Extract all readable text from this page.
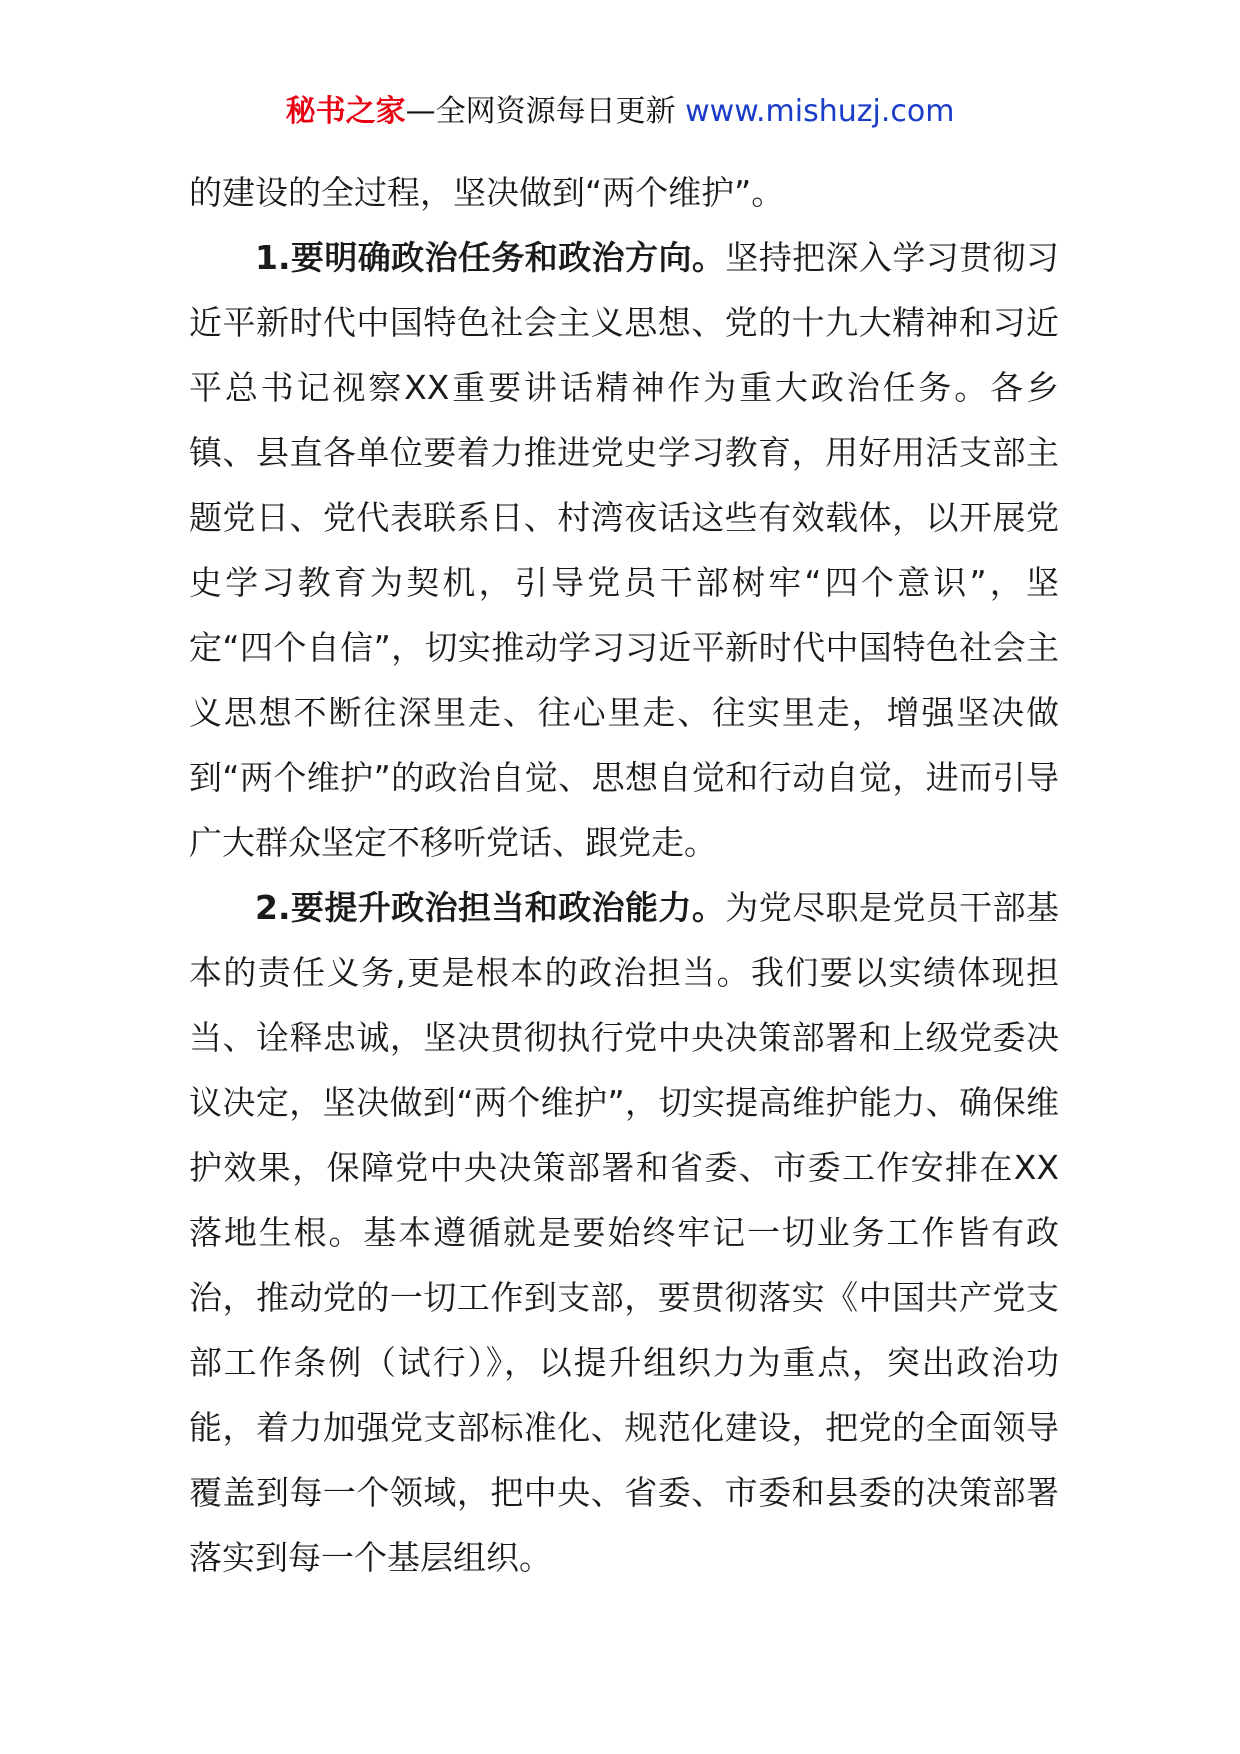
秘书之家—全网资源每日更新 www.mishuzj.com

的建设的全过程，坚决做到“两个维护”。

1.要明确政治任务和政治方向。坚持把深入学习贯彻习近平新时代中国特色社会主义思想、党的十九大精神和习近平总书记视察XX重要讲话精神作为重大政治任务。各乡镇、县直各单位要着力推进党史学习教育，用好用活支部主题党日、党代表联系日、村湾夜话这些有效载体，以开展党史学习教育为契机，引导党员干部树牢“四个意识”，坚定“四个自信”，切实推动学习习近平新时代中国特色社会主义思想不断往深里走、往心里走、往实里走，增强坚决做到“两个维护”的政治自觉、思想自觉和行动自觉，进而引导广大群众坚定不移听党话、跟党走。

2.要提升政治担当和政治能力。为党尽职是党员干部基本的责任义务,更是根本的政治担当。我们要以实绩体现担当、诠释忠诚，坚决贯彻执行党中央决策部署和上级党委决议决定，坚决做到“两个维护”，切实提高维护能力、确保维护效果，保障党中央决策部署和省委、市委工作安排在XX落地生根。基本遵循就是要始终牢记一切业务工作皆有政治，推动党的一切工作到支部，要贯彻落实《中国共产党支部工作条例（试行）》，以提升组织力为重点，突出政治功能，着力加强党支部标准化、规范化建设，把党的全面领导覆盖到每一个领域，把中央、省委、市委和县委的决策部署落实到每一个基层组织。
